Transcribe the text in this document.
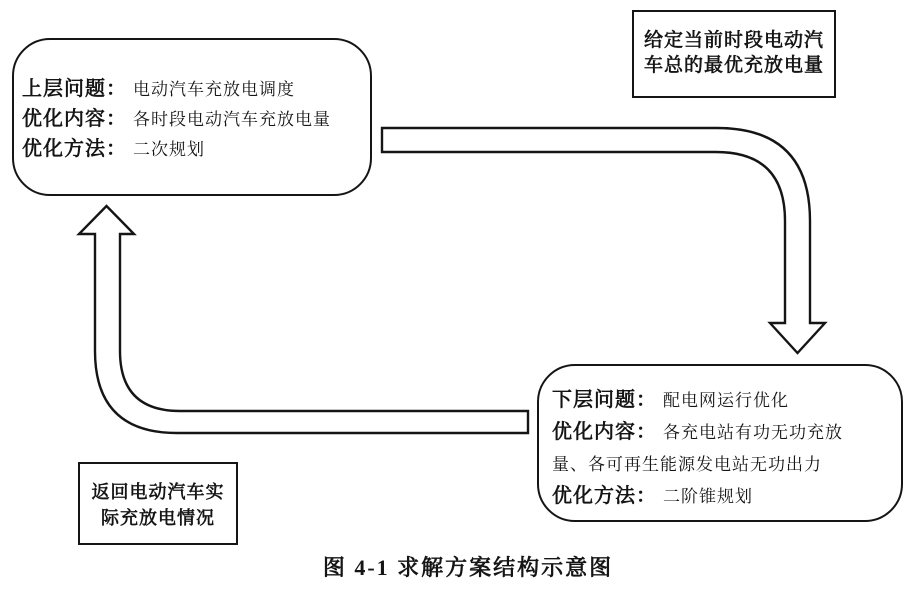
上层问题： 电动汽车充放电调度
优化内容： 各时段电动汽车充放电量
优化方法： 二次规划
给定当前时段电动汽
车总的最优充放电量
下层问题： 配电网运行优化
优化内容： 各充电站有功无功充放
量、各可再生能源发电站无功出力
优化方法： 二阶锥规划
返回电动汽车实
际充放电情况
图 4-1 求解方案结构示意图
